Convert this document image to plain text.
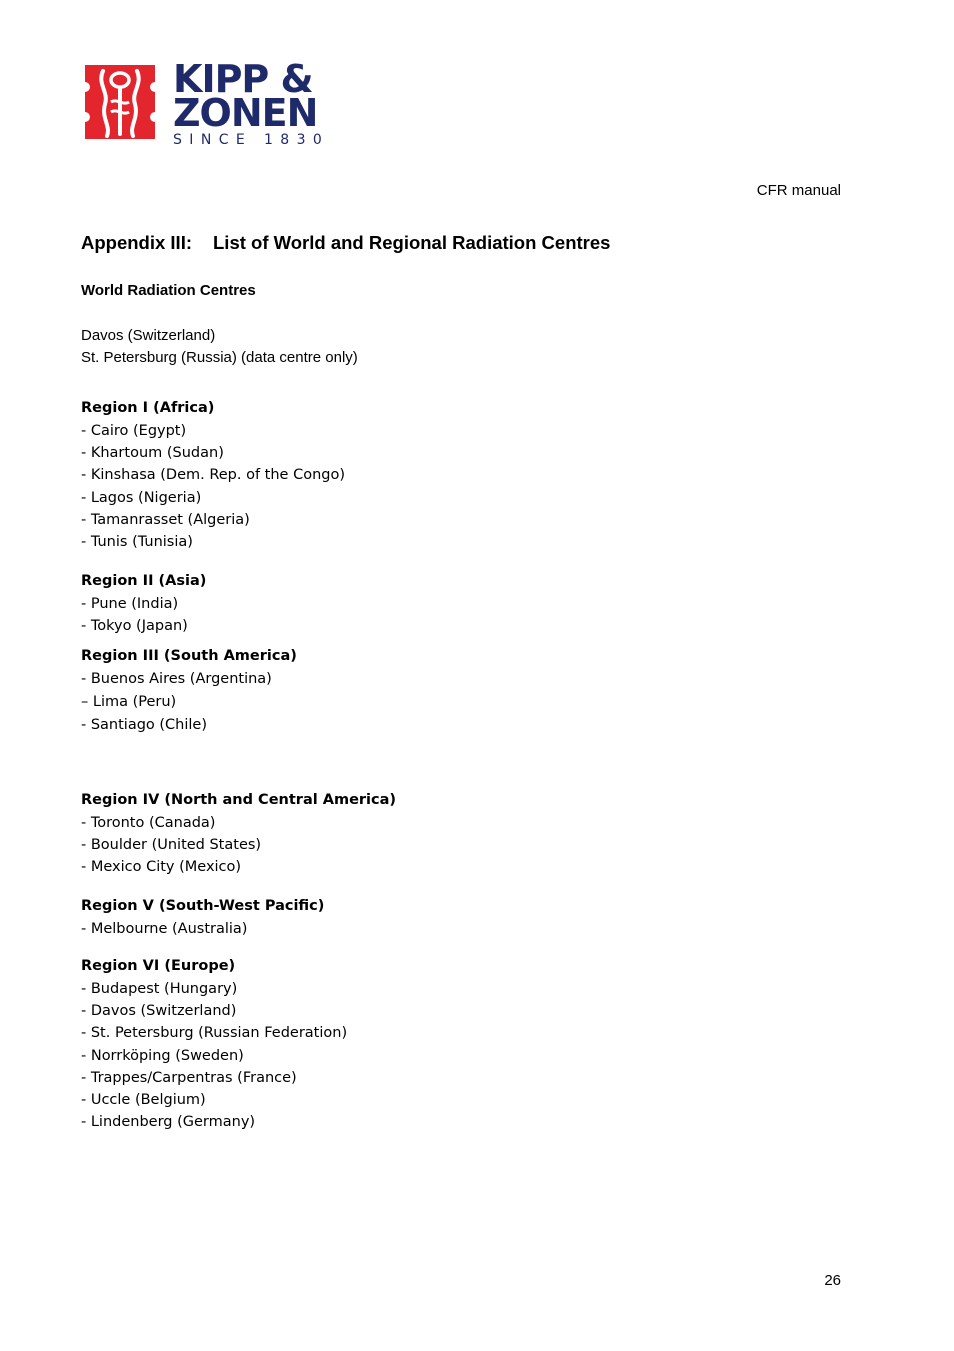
KIPP &
ZONEN
SINCE 1830
CFR manual
Appendix III: List of World and Regional Radiation Centres
World Radiation Centres
Davos (Switzerland)
St. Petersburg (Russia) (data centre only)
Region I (Africa)
- Cairo (Egypt)
- Khartoum (Sudan)
- Kinshasa (Dem. Rep. of the Congo)
- Lagos (Nigeria)
- Tamanrasset (Algeria)
- Tunis (Tunisia)
Region II (Asia)
- Pune (India)
- Tokyo (Japan)
Region III (South America)
- Buenos Aires (Argentina)
– Lima (Peru)
- Santiago (Chile)
Region IV (North and Central America)
- Toronto (Canada)
- Boulder (United States)
- Mexico City (Mexico)
Region V (South-West Pacific)
- Melbourne (Australia)
Region VI (Europe)
- Budapest (Hungary)
- Davos (Switzerland)
- St. Petersburg (Russian Federation)
- Norrköping (Sweden)
- Trappes/Carpentras (France)
- Uccle (Belgium)
- Lindenberg (Germany)
26
